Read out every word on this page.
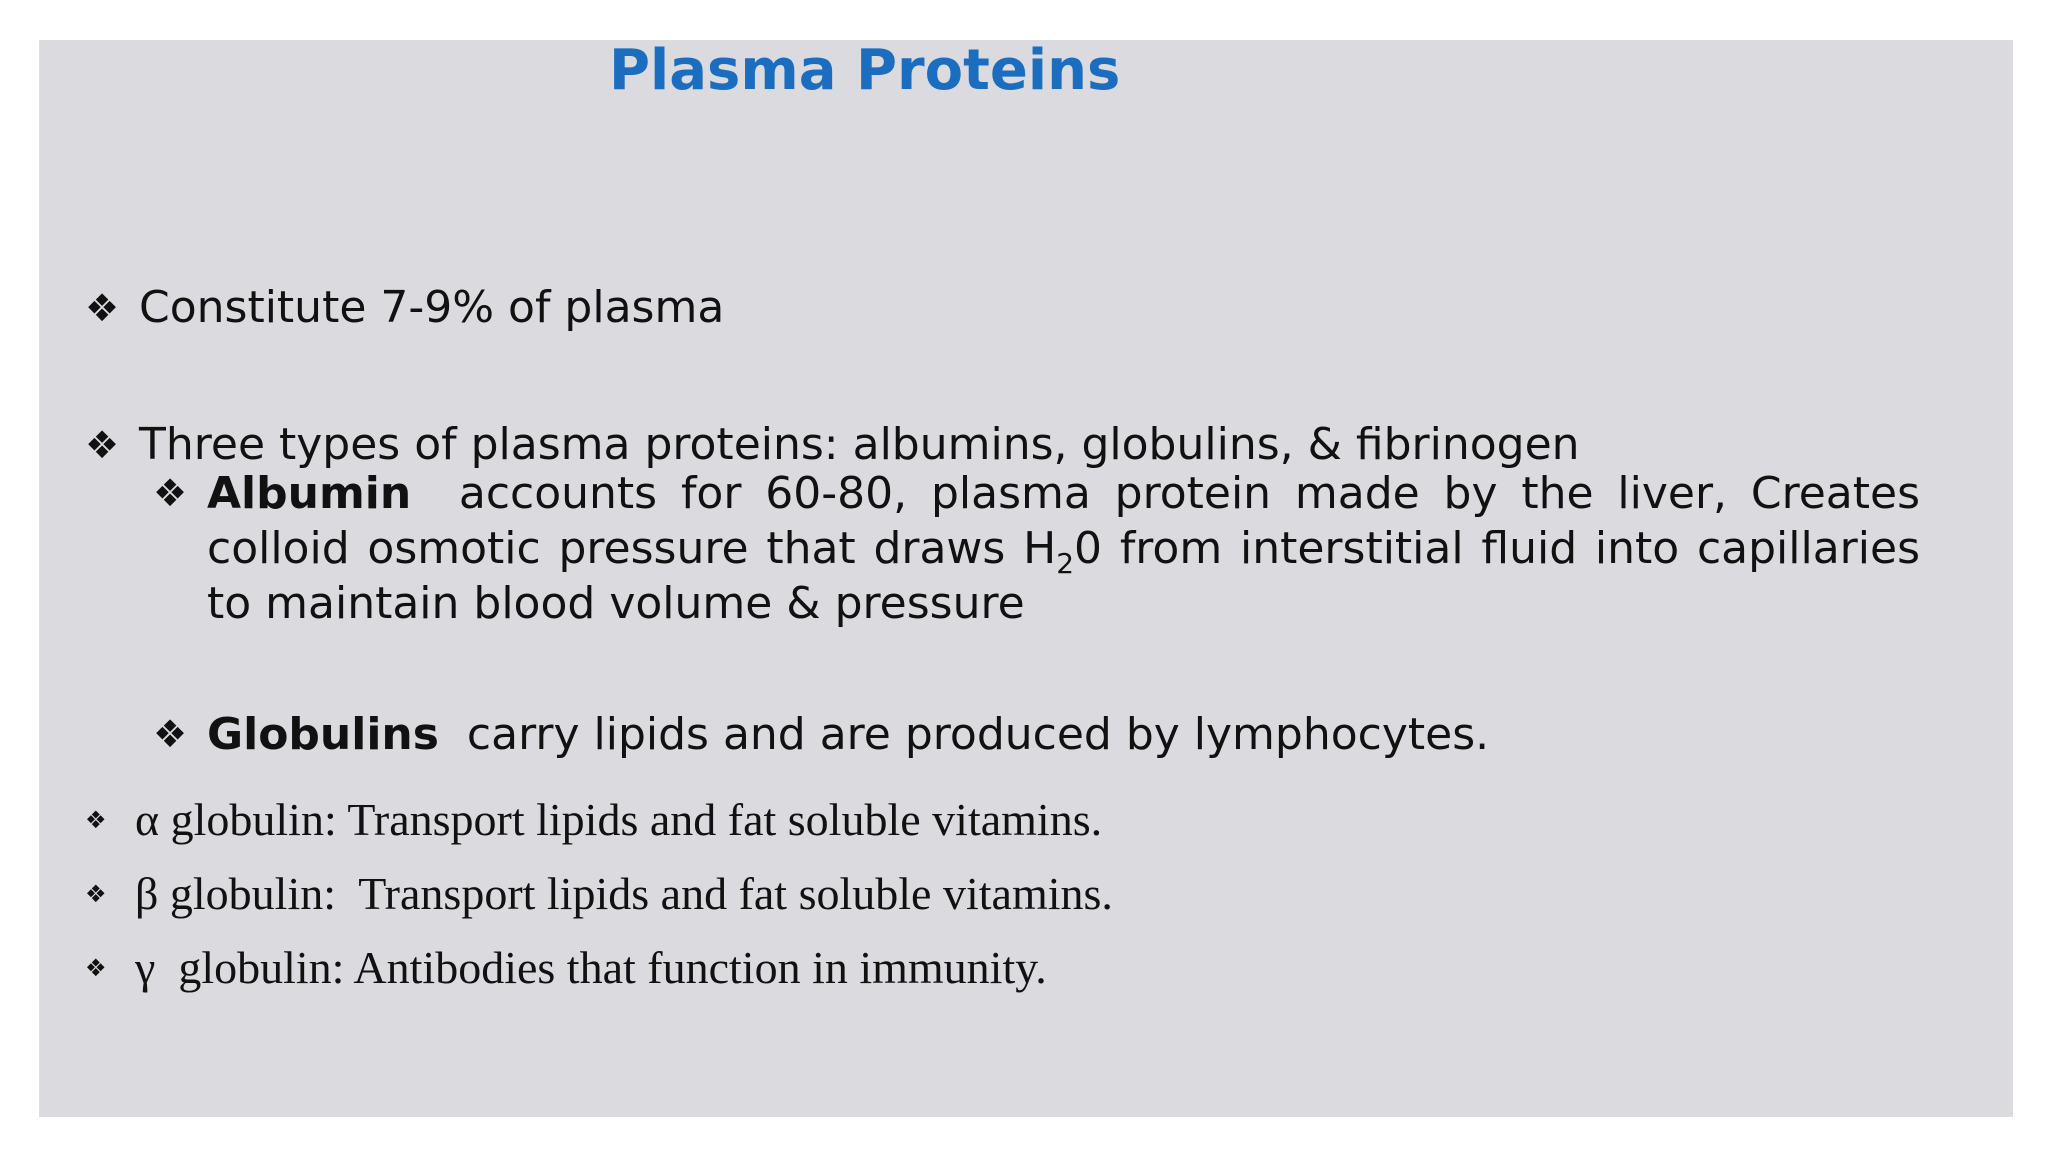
Plasma Proteins
❖ Constitute 7-9% of plasma
❖ Three types of plasma proteins: albumins, globulins, & fibrinogen
❖ Albumin accounts for 60-80, plasma protein made by the liver, Creates colloid osmotic pressure that draws $H_20$ from interstitial fluid into capillaries to maintain blood volume & pressure
❖ Globulins carry lipids and are produced by lymphocytes.
❖ α globulin: Transport lipids and fat soluble vitamins.
❖ β globulin:  Transport lipids and fat soluble vitamins.
❖ γ  globulin: Antibodies that function in immunity.
